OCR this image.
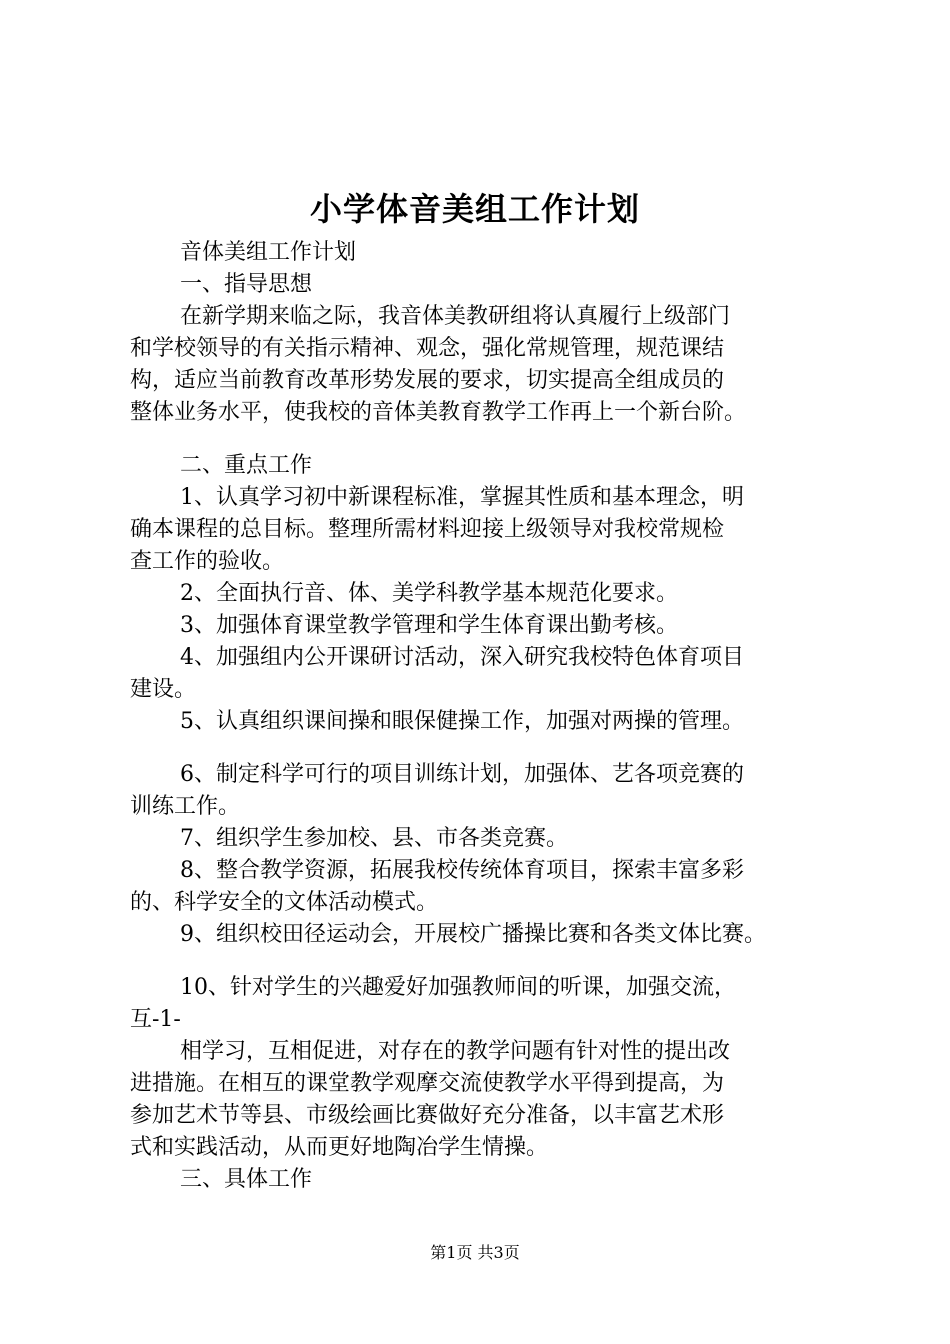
小学体音美组工作计划
音体美组工作计划
一、指导思想
在新学期来临之际，我音体美教研组将认真履行上级部门
和学校领导的有关指示精神、观念，强化常规管理，规范课结
构，适应当前教育改革形势发展的要求，切实提高全组成员的
整体业务水平，使我校的音体美教育教学工作再上一个新台阶。
二、重点工作
1、认真学习初中新课程标准，掌握其性质和基本理念，明
确本课程的总目标。整理所需材料迎接上级领导对我校常规检
查工作的验收。
2、全面执行音、体、美学科教学基本规范化要求。
3、加强体育课堂教学管理和学生体育课出勤考核。
4、加强组内公开课研讨活动，深入研究我校特色体育项目
建设。
5、认真组织课间操和眼保健操工作，加强对两操的管理。
6、制定科学可行的项目训练计划，加强体、艺各项竞赛的
训练工作。
7、组织学生参加校、县、市各类竞赛。
8、整合教学资源，拓展我校传统体育项目，探索丰富多彩
的、科学安全的文体活动模式。
9、组织校田径运动会，开展校广播操比赛和各类文体比赛。
10、针对学生的兴趣爱好加强教师间的听课，加强交流，
互-1-
相学习，互相促进，对存在的教学问题有针对性的提出改
进措施。在相互的课堂教学观摩交流使教学水平得到提高，为
参加艺术节等县、市级绘画比赛做好充分准备，以丰富艺术形
式和实践活动，从而更好地陶冶学生情操。
三、具体工作
第1页 共3页
